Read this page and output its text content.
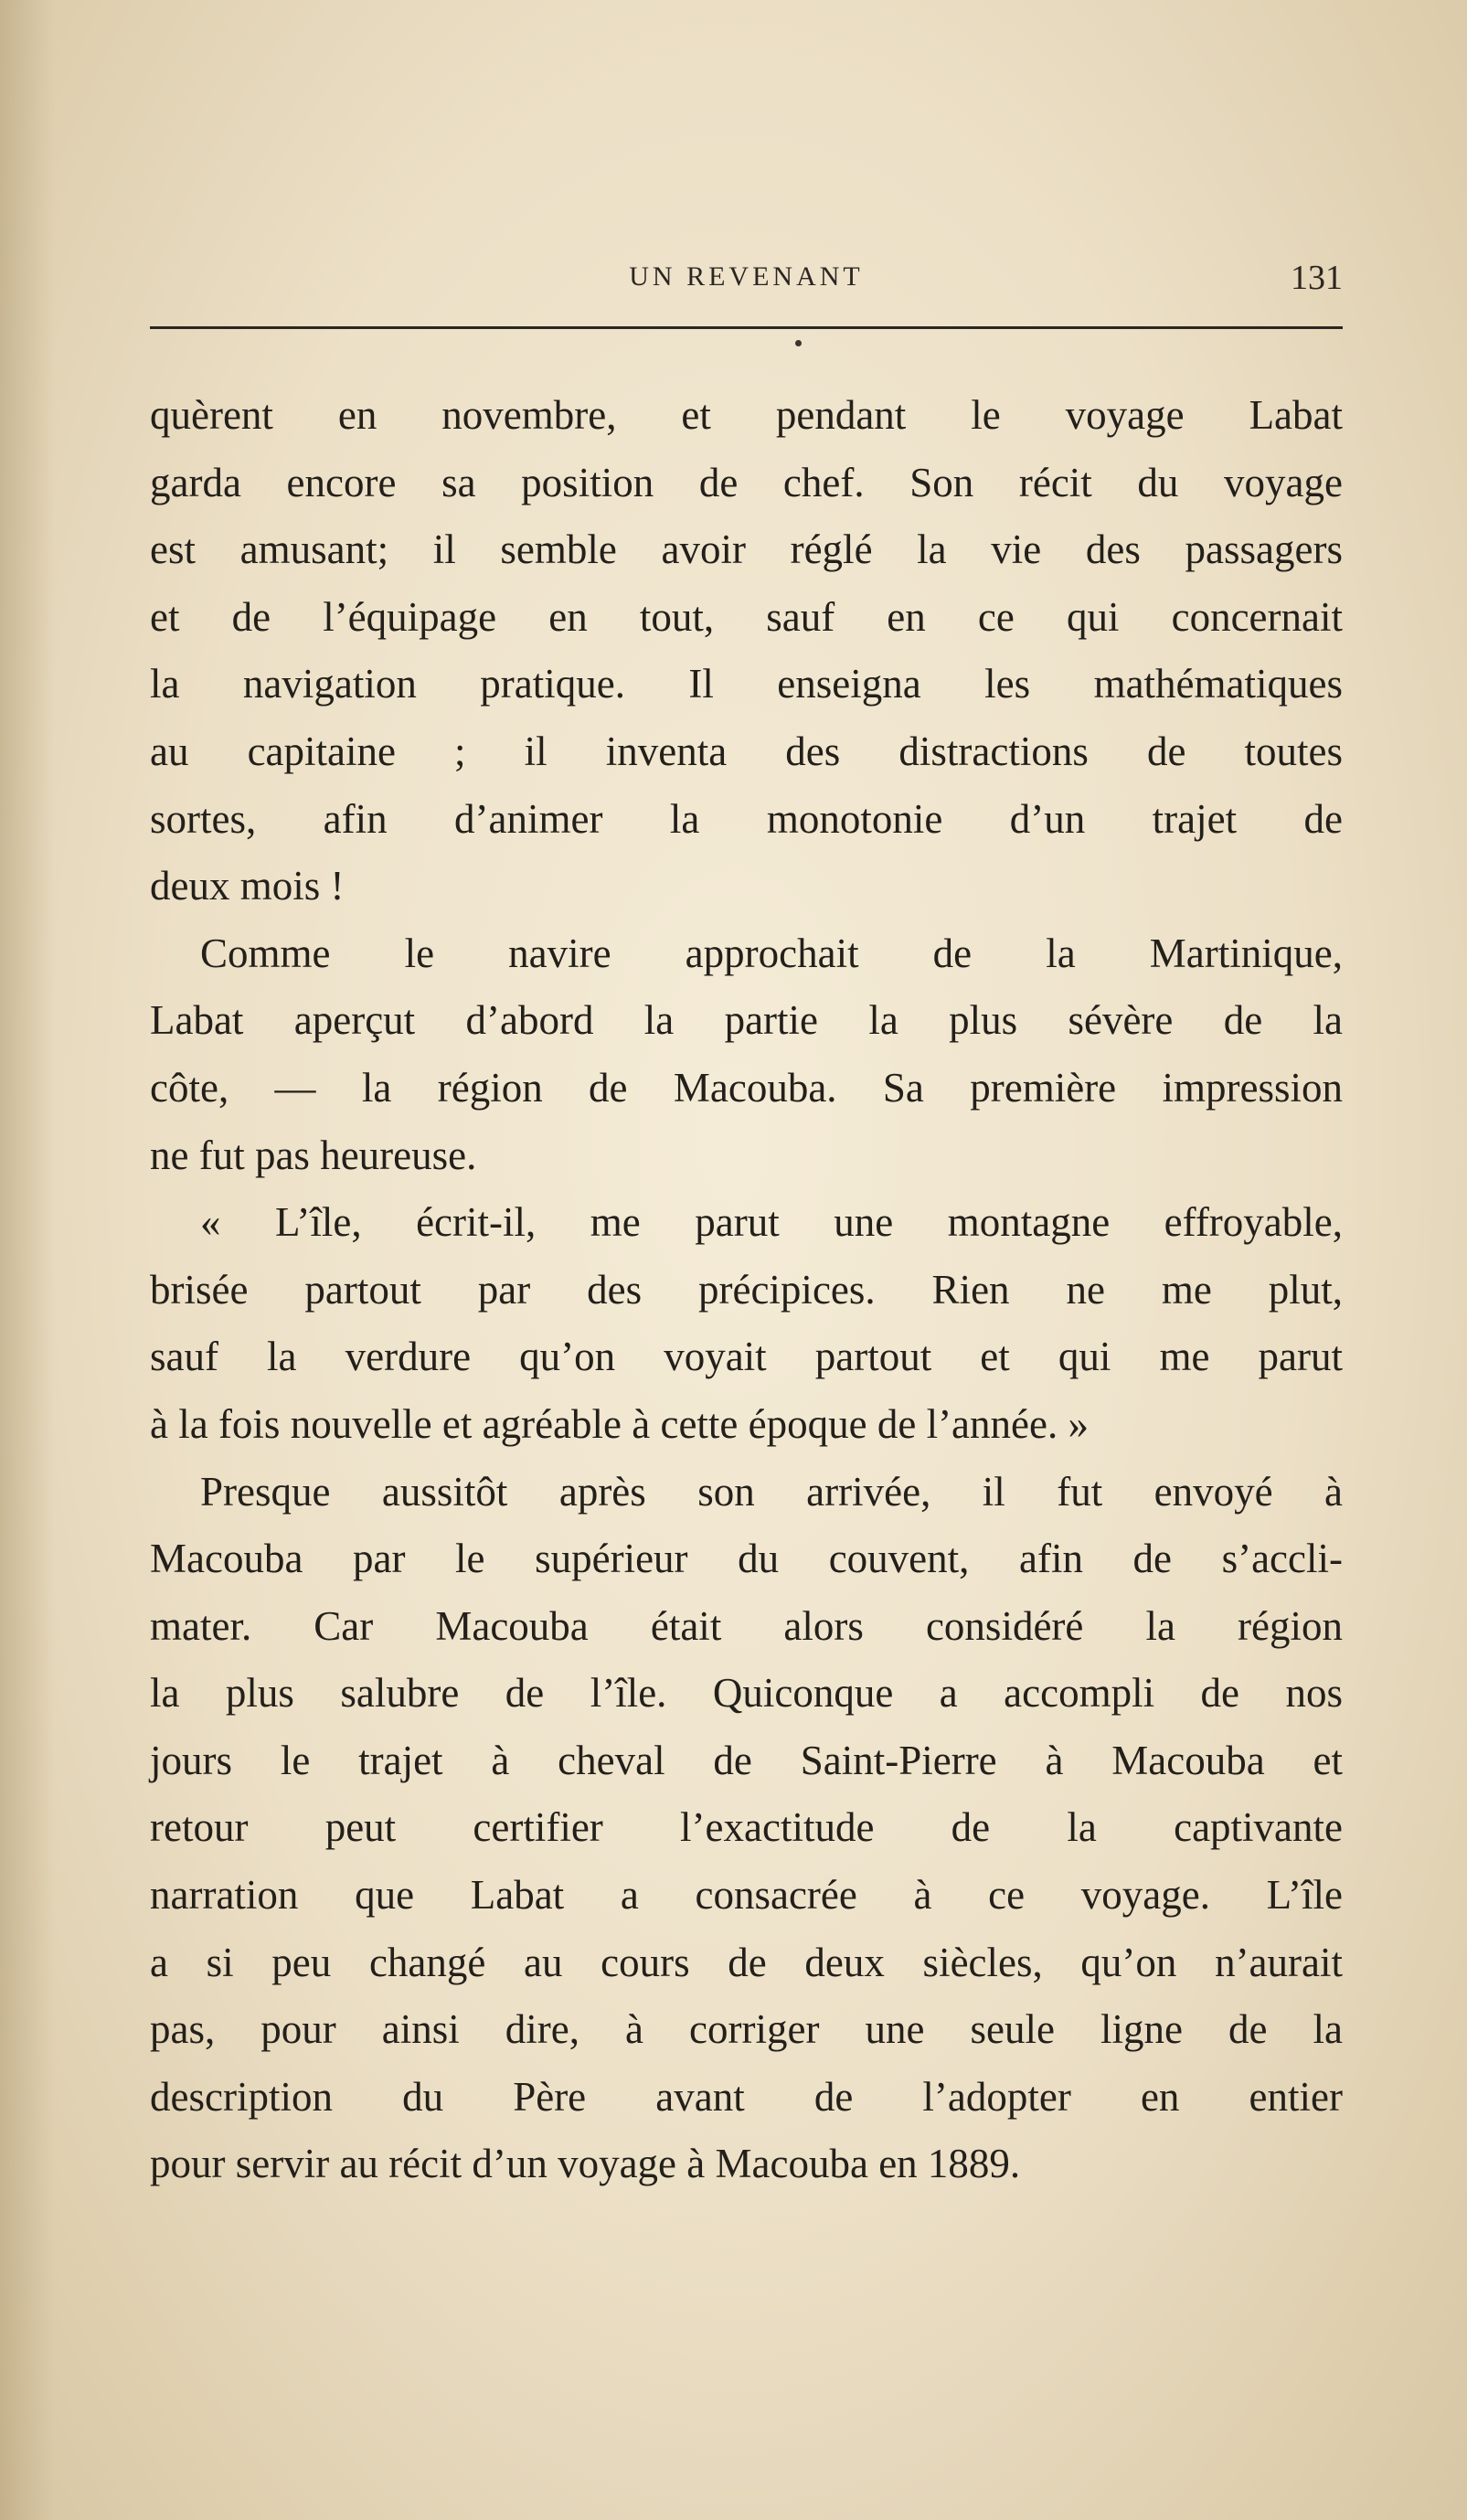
UN REVENANT	131
quèrent en novembre, et pendant le voyage Labat
garda encore sa position de chef. Son récit du voyage
est amusant; il semble avoir réglé la vie des passagers
et de l’équipage en tout, sauf en ce qui concernait
la navigation pratique. Il enseigna les mathématiques
au capitaine ; il inventa des distractions de toutes
sortes, afin d’animer la monotonie d’un trajet de
deux mois !
Comme le navire approchait de la Martinique,
Labat aperçut d’abord la partie la plus sévère de la
côte, — la région de Macouba. Sa première impression
ne fut pas heureuse.
« L’île, écrit-il, me parut une montagne effroyable,
brisée partout par des précipices. Rien ne me plut,
sauf la verdure qu’on voyait partout et qui me parut
à la fois nouvelle et agréable à cette époque de l’année. »
Presque aussitôt après son arrivée, il fut envoyé à
Macouba par le supérieur du couvent, afin de s’accli-
mater. Car Macouba était alors considéré la région
la plus salubre de l’île. Quiconque a accompli de nos
jours le trajet à cheval de Saint-Pierre à Macouba et
retour peut certifier l’exactitude de la captivante
narration que Labat a consacrée à ce voyage. L’île
a si peu changé au cours de deux siècles, qu’on n’aurait
pas, pour ainsi dire, à corriger une seule ligne de la
description du Père avant de l’adopter en entier
pour servir au récit d’un voyage à Macouba en 1889.
